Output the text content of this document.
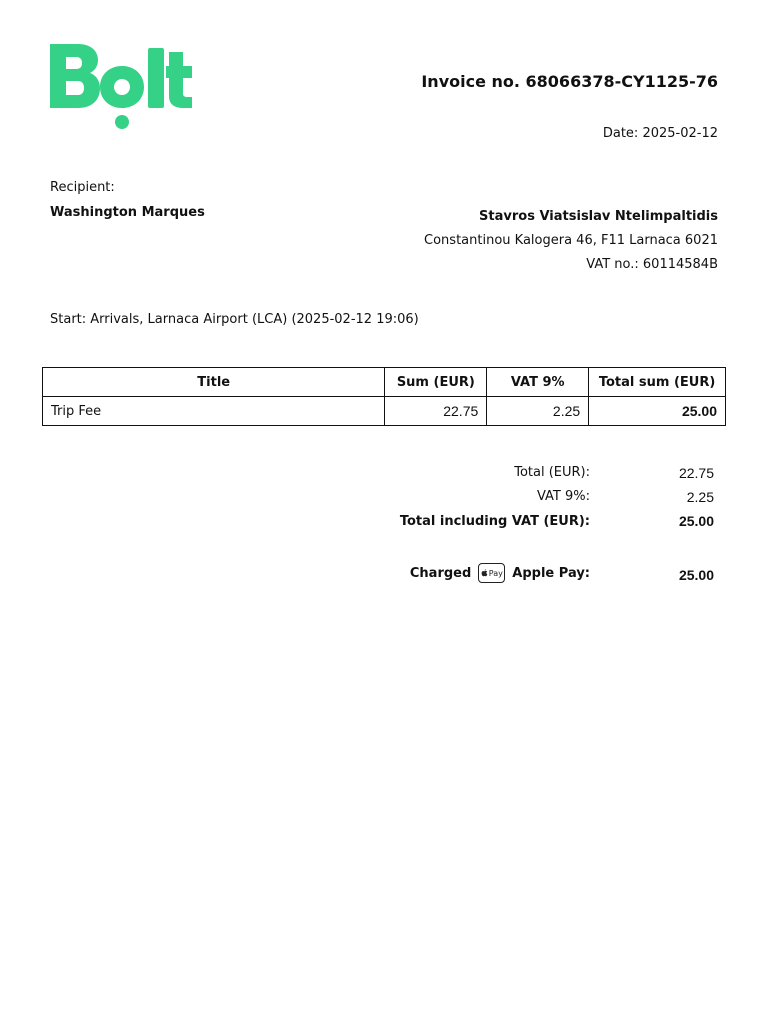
Invoice no. 68066378-CY1125-76
Date: 2025-02-12
Recipient:
Washington Marques	Stavros Viatsislav Ntelimpaltidis
Constantinou Kalogera 46, F11 Larnaca 6021
VAT no.: 60114584B
Start: Arrivals, Larnaca Airport (LCA) (2025-02-12 19:06)
Title	Sum (EUR)	VAT 9%	Total sum (EUR)
Trip Fee	22.75	2.25	25.00
Total (EUR):	22.75
VAT 9%:	2.25
Total including VAT (EUR):	25.00
Charged Pay Apple Pay:	25.00
